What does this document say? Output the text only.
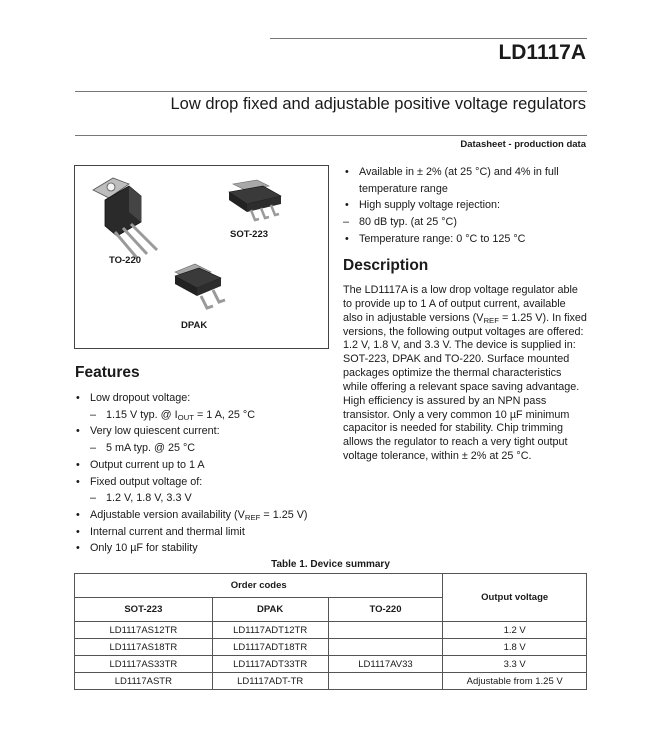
LD1117A
Low drop fixed and adjustable positive voltage regulators
Datasheet - production data
TO-220
SOT-223
DPAK
Features
• Low dropout voltage:
– 1.15 V typ. @ $I_{OUT} = 1$ A, 25 °C
• Very low quiescent current:
– 5 mA typ. @ 25 °C
• Output current up to 1 A
• Fixed output voltage of:
– 1.2 V, 1.8 V, 3.3 V
• Adjustable version availability ($V_{REF} = 1.25$ V)
• Internal current and thermal limit
• Only 10 µF for stability
• Available in ± 2% (at 25 °C) and 4% in full temperature range
• High supply voltage rejection:
– 80 dB typ. (at 25 °C)
• Temperature range: 0 °C to 125 °C
Description
The LD1117A is a low drop voltage regulator able to provide up to 1 A of output current, available also in adjustable versions ($V_{REF} = 1.25$ V). In fixed versions, the following output voltages are offered: 1.2 V, 1.8 V, and 3.3 V. The device is supplied in: SOT-223, DPAK and TO-220. Surface mounted packages optimize the thermal characteristics while offering a relevant space saving advantage. High efficiency is assured by an NPN pass transistor. Only a very common 10 µF minimum capacitor is needed for stability. Chip trimming allows the regulator to reach a very tight output voltage tolerance, within ± 2% at 25 °C.
Table 1. Device summary
Order codes			Output voltage
SOT-223	DPAK	TO-220	
LD1117AS12TR	LD1117ADT12TR		1.2 V
LD1117AS18TR	LD1117ADT18TR		1.8 V
LD1117AS33TR	LD1117ADT33TR	LD1117AV33	3.3 V
LD1117ASTR	LD1117ADT-TR		Adjustable from 1.25 V
